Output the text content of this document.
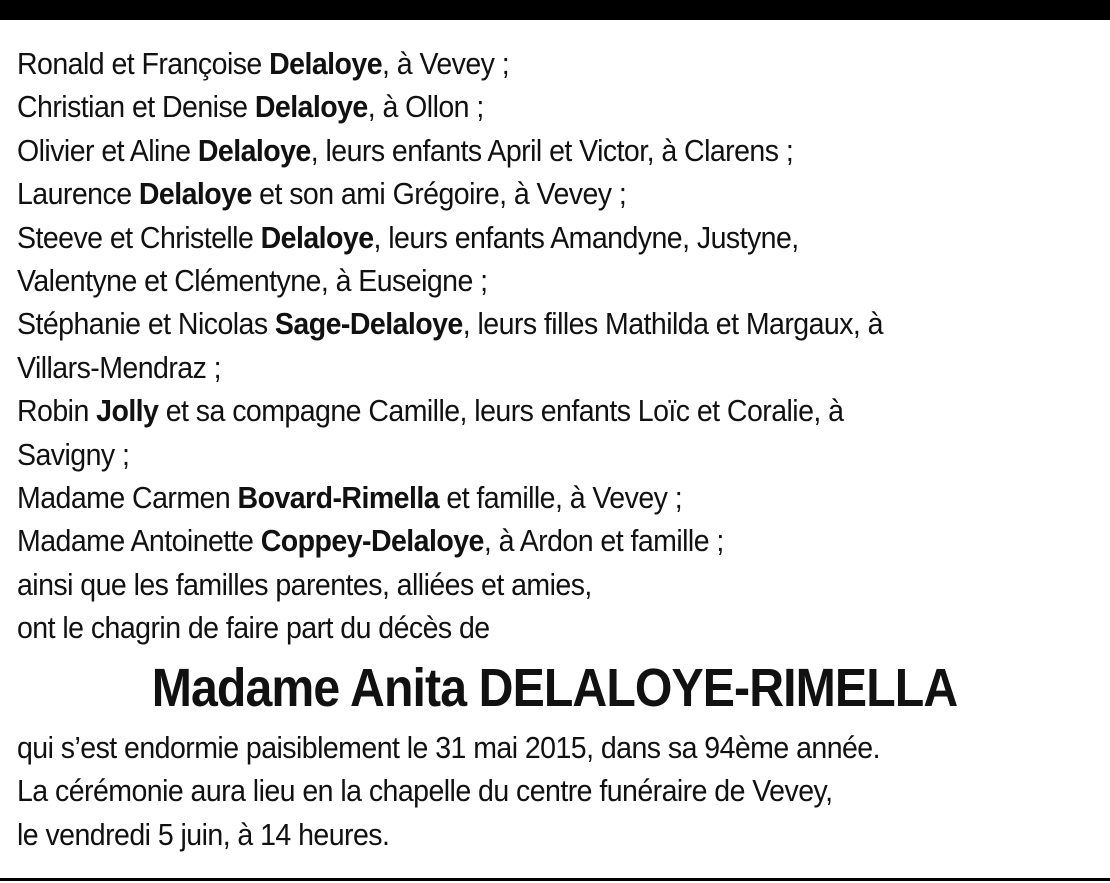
Ronald et Françoise Delaloye, à Vevey ;
Christian et Denise Delaloye, à Ollon ;
Olivier et Aline Delaloye, leurs enfants April et Victor, à Clarens ;
Laurence Delaloye et son ami Grégoire, à Vevey ;
Steeve et Christelle Delaloye, leurs enfants Amandyne, Justyne,
Valentyne et Clémentyne, à Euseigne ;
Stéphanie et Nicolas Sage-Delaloye, leurs filles Mathilda et Margaux, à
Villars-Mendraz ;
Robin Jolly et sa compagne Camille, leurs enfants Loïc et Coralie, à
Savigny ;
Madame Carmen Bovard-Rimella et famille, à Vevey ;
Madame Antoinette Coppey-Delaloye, à Ardon et famille ;
ainsi que les familles parentes, alliées et amies,
ont le chagrin de faire part du décès de
Madame Anita DELALOYE-RIMELLA
qui s’est endormie paisiblement le 31 mai 2015, dans sa 94ème année.
La cérémonie aura lieu en la chapelle du centre funéraire de Vevey,
le vendredi 5 juin, à 14 heures.
